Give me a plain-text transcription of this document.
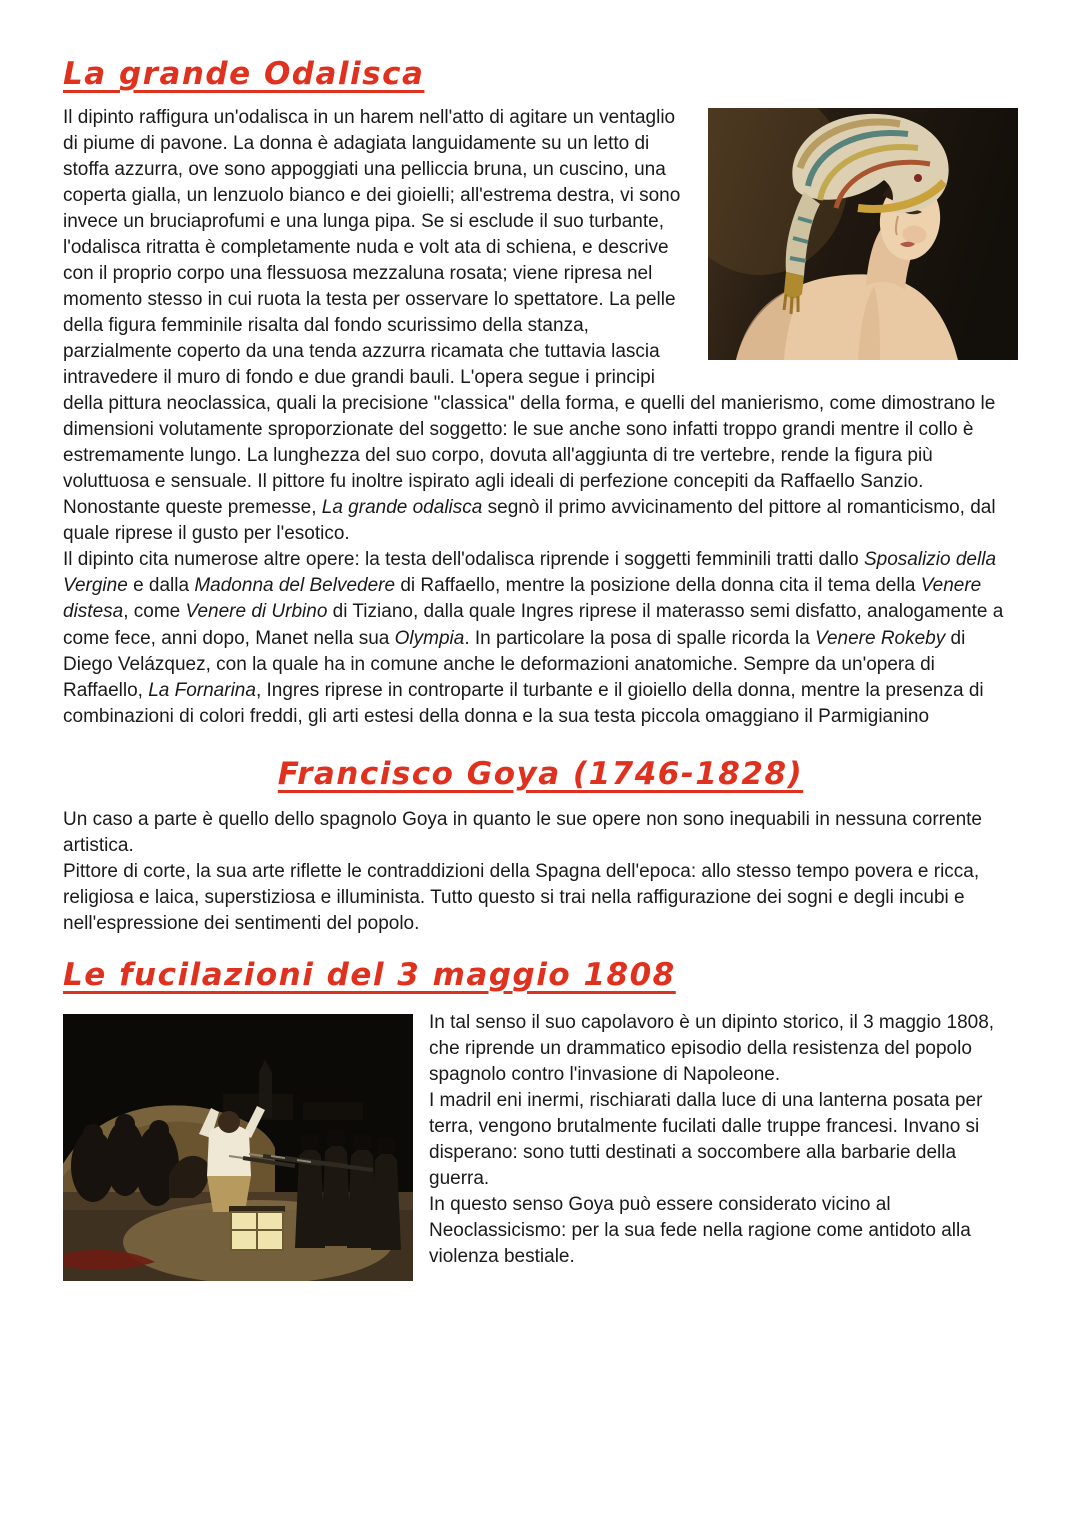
La grande Odalisca
Il dipinto raffigura un'odalisca in un harem nell'atto di agitare un ventaglio di piume di pavone. La donna è adagiata languidamente su un letto di stoffa azzurra, ove sono appoggiati una pelliccia bruna, un cuscino, una coperta gialla, un lenzuolo bianco e dei gioielli; all'estrema destra, vi sono invece un bruciaprofumi e una lunga pipa. Se si esclude il suo turbante, l'odalisca ritratta è completamente nuda e volt ata di schiena, e descrive con il proprio corpo una flessuosa mezzaluna rosata; viene ripresa nel momento stesso in cui ruota la testa per osservare lo spettatore. La pelle della figura femminile risalta dal fondo scurissimo della stanza, parzialmente coperto da una tenda azzurra ricamata che tuttavia lascia intravedere il muro di fondo e due grandi bauli. L'opera segue i principi della pittura neoclassica, quali la precisione "classica" della forma, e quelli del manierismo, come dimostrano le dimensioni volutamente sproporzionate del soggetto: le sue anche sono infatti troppo grandi mentre il collo è estremamente lungo. La lunghezza del suo corpo, dovuta all'aggiunta di tre vertebre, rende la figura più voluttuosa e sensuale. Il pittore fu inoltre ispirato agli ideali di perfezione concepiti da Raffaello Sanzio. Nonostante queste premesse, La grande odalisca segnò il primo avvicinamento del pittore al romanticismo, dal quale riprese il gusto per l'esotico.

Il dipinto cita numerose altre opere: la testa dell'odalisca riprende i soggetti femminili tratti dallo Sposalizio della Vergine e dalla Madonna del Belvedere di Raffaello, mentre la posizione della donna cita il tema della Venere distesa, come Venere di Urbino di Tiziano, dalla quale Ingres riprese il materasso semi disfatto, analogamente a come fece, anni dopo, Manet nella sua Olympia. In particolare la posa di spalle ricorda la Venere Rokeby di Diego Velázquez, con la quale ha in comune anche le deformazioni anatomiche. Sempre da un'opera di Raffaello, La Fornarina, Ingres riprese in controparte il turbante e il gioiello della donna, mentre la presenza di combinazioni di colori freddi, gli arti estesi della donna e la sua testa piccola omaggiano il Parmigianino

Francisco Goya (1746-1828)

Un caso a parte è quello dello spagnolo Goya in quanto le sue opere non sono inequabili in nessuna corrente artistica.

Pittore di corte, la sua arte riflette le contraddizioni della Spagna dell'epoca: allo stesso tempo povera e ricca, religiosa e laica, superstiziosa e illuminista. Tutto questo si trai nella raffigurazione dei sogni e degli incubi e nell'espressione dei sentimenti del popolo.

Le fucilazioni del 3 maggio 1808

In tal senso il suo capolavoro è un dipinto storico, il 3 maggio 1808, che riprende un drammatico episodio della resistenza del popolo spagnolo contro l'invasione di Napoleone.

I madril eni inermi, rischiarati dalla luce di una lanterna posata per terra, vengono brutalmente fucilati dalle truppe francesi. Invano si disperano: sono tutti destinati a soccombere alla barbarie della guerra.

In questo senso Goya può essere considerato vicino al Neoclassicismo: per la sua fede nella ragione come antidoto alla violenza bestiale.
